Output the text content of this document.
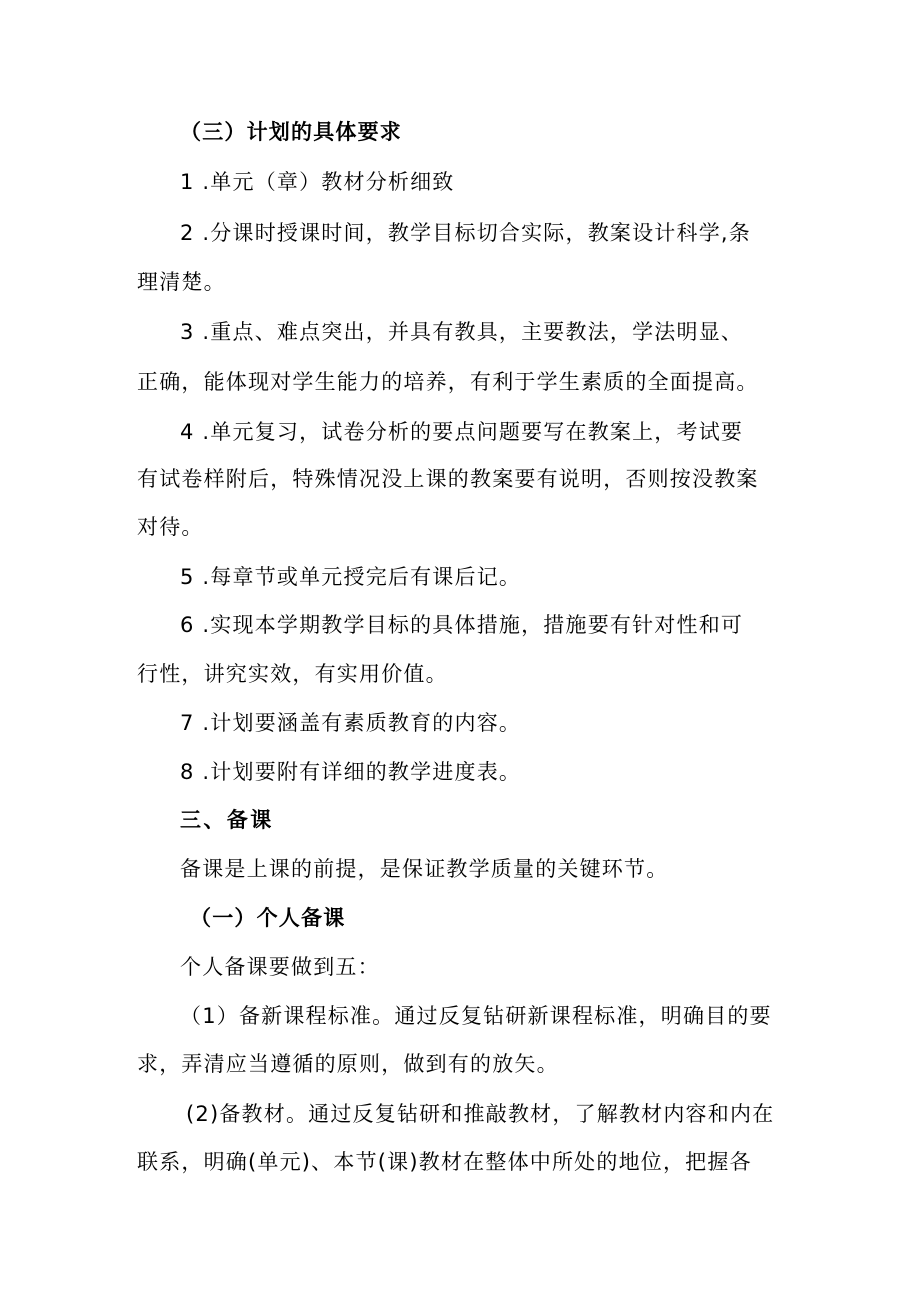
（三）计划的具体要求

1 .单元（章）教材分析细致

2 .分课时授课时间，教学目标切合实际，教案设计科学,条

理清楚。

3 .重点、难点突出，并具有教具，主要教法，学法明显、

正确，能体现对学生能力的培养，有利于学生素质的全面提高。

4 .单元复习，试卷分析的要点问题要写在教案上，考试要

有试卷样附后，特殊情况没上课的教案要有说明，否则按没教案

对待。

5 .每章节或单元授完后有课后记。

6 .实现本学期教学目标的具体措施，措施要有针对性和可

行性，讲究实效，有实用价值。

7 .计划要涵盖有素质教育的内容。

8 .计划要附有详细的教学进度表。

三、备课

备课是上课的前提，是保证教学质量的关键环节。

（一）个人备课

个人备课要做到五：

（1）备新课程标准。通过反复钻研新课程标准，明确目的要

求，弄清应当遵循的原则，做到有的放矢。

(2)备教材。通过反复钻研和推敲教材，了解教材内容和内在

联系，明确(单元)、本节(课)教材在整体中所处的地位，把握各
